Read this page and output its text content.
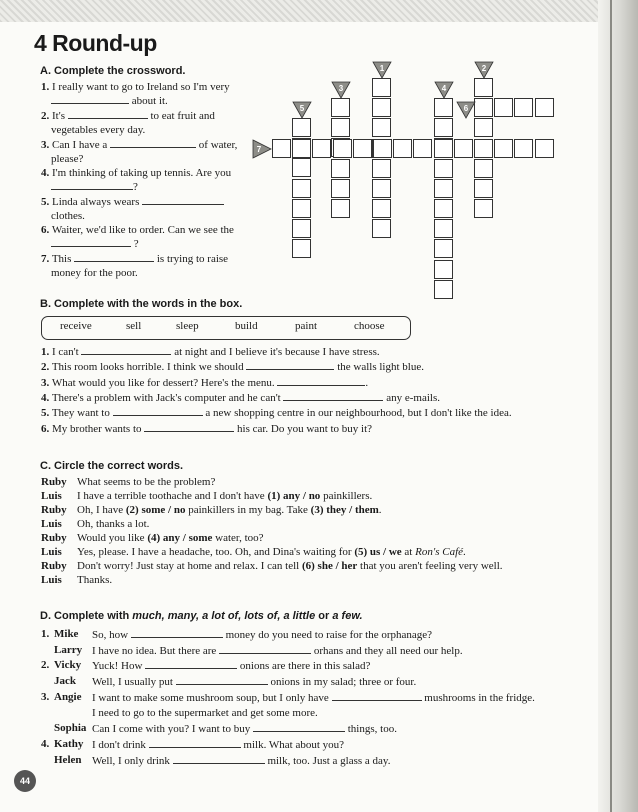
4 Round-up
A. Complete the crossword.
1. I really want to go to Ireland so I'm very
about it.
2. It's	to eat fruit and
vegetables every day.
3. Can I have a	of water,
please?
4. I'm thinking of taking up tennis. Are you
?
5. Linda always wears
clothes.
6. Waiter, we'd like to order. Can we see the
?
7. This	is trying to raise
money for the poor.
1	2
3	4
5	6
7
B. Complete with the words in the box.
receive	sell	sleep	build	paint	choose
1. I can't	at night and I believe it's because I have stress.
2. This room looks horrible. I think we should	the walls light blue.
3. What would you like for dessert? Here's the menu.	.
4. There's a problem with Jack's computer and he can't	any e-mails.
5. They want to	a new shopping centre in our neighbourhood, but I don't like the idea.
6. My brother wants to	his car. Do you want to buy it?
C. Circle the correct words.
Ruby What seems to be the problem?
Luis I have a terrible toothache and I don't have (1) any / no painkillers.
Ruby Oh, I have (2) some / no painkillers in my bag. Take (3) they / them.
Luis Oh, thanks a lot.
Ruby Would you like (4) any / some water, too?
Luis Yes, please. I have a headache, too. Oh, and Dina's waiting for (5) us / we at Ron's Café.
Ruby Don't worry! Just stay at home and relax. I can tell (6) she / her that you aren't feeling very well.
Luis Thanks.
D. Complete with much, many, a lot of, lots of, a little or a few.
1. Mike So, how	money do you need to raise for the orphanage?
Larry I have no idea. But there are	orhans and they all need our help.
2. Vicky Yuck! How	onions are there in this salad?
Jack Well, I usually put	onions in my salad; three or four.
3. Angie I want to make some mushroom soup, but I only have	mushrooms in the fridge.
I need to go to the supermarket and get some more.
Sophia Can I come with you? I want to buy	things, too.
4. Kathy I don't drink	milk. What about you?
Helen Well, I only drink	milk, too. Just a glass a day.
44
